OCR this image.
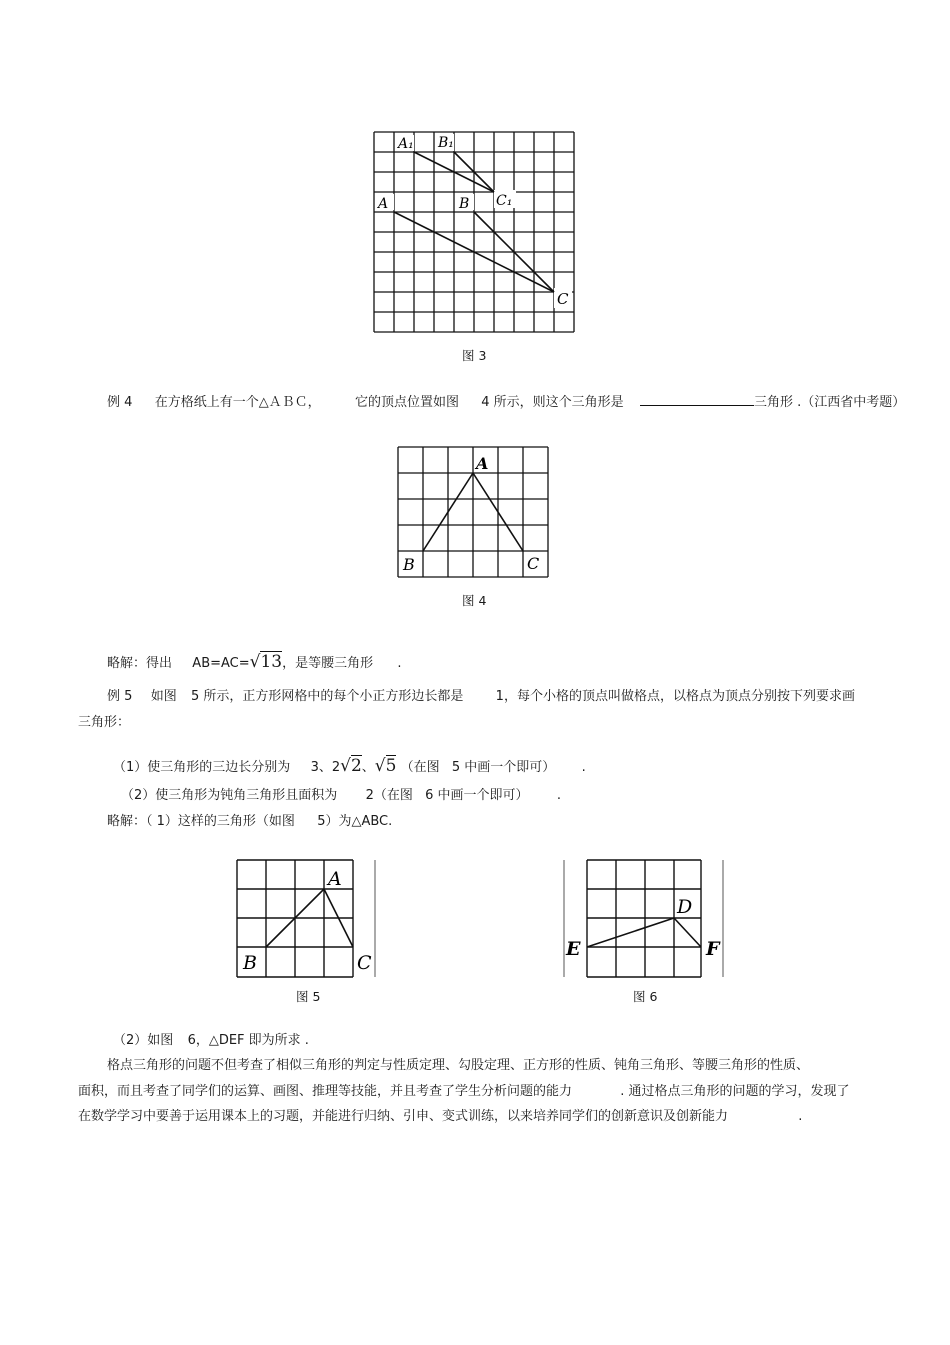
A₁ B₁
C₁
A	B
C
图 3
例 4 在方格纸上有一个△ＡＢＣ，	它的顶点位置如图 4 所示，则这个三角形是	三角形 .（江西省中考题）
A
B	C
图 4
略解：得出 AB=AC=√13，是等腰三角形 .
例 5 如图 5 所示，正方形网格中的每个小正方形边长都是 1，每个小格的顶点叫做格点，以格点为顶点分别按下列要求画
三角形：
（1）使三角形的三边长分别为 3、2√2、√5 （在图 5 中画一个即可） .
（2）使三角形为钝角三角形且面积为 2（在图 6 中画一个即可） .
略解：（ 1）这样的三角形（如图 5）为△ABC.
A
B	C
图 5
D
E	F
图 6
（2）如图 6，△DEF 即为所求 .
格点三角形的问题不但考查了相似三角形的判定与性质定理、勾股定理、正方形的性质、钝角三角形、等腰三角形的性质、
面积，而且考查了同学们的运算、画图、推理等技能，并且考查了学生分析问题的能力	. 通过格点三角形的问题的学习，发现了
在数学学习中要善于运用课本上的习题，并能进行归纳、引申、变式训练，以来培养同学们的创新意识及创新能力	.
